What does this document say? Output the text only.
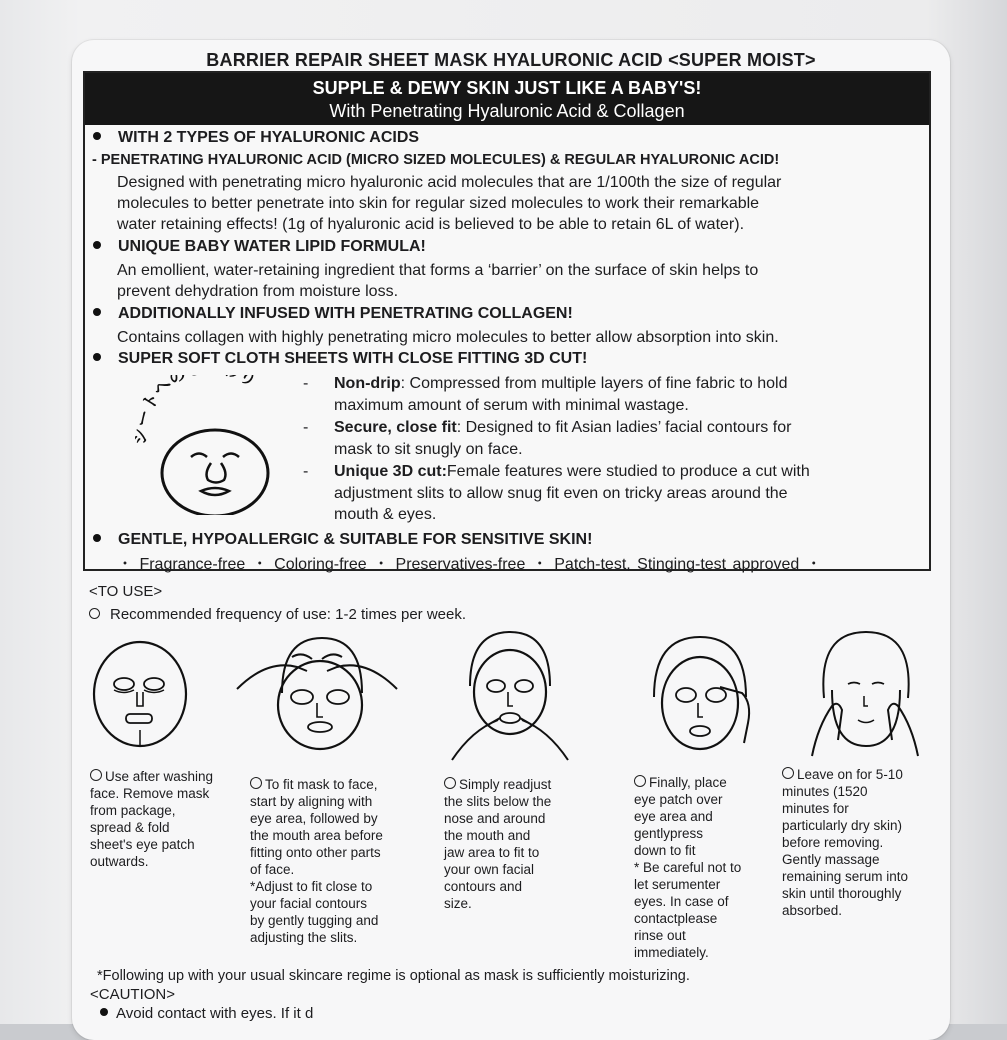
BARRIER REPAIR SHEET MASK HYALURONIC ACID <SUPER MOIST>
SUPPLE & DEWY SKIN JUST LIKE A BABY'S!
With Penetrating Hyaluronic Acid & Collagen
WITH 2 TYPES OF HYALURONIC ACIDS
- PENETRATING HYALURONIC ACID (MICRO SIZED MOLECULES) & REGULAR HYALURONIC ACID!
Designed with penetrating micro hyaluronic acid molecules that are 1/100th the size of regular
molecules to better penetrate into skin for regular sized molecules to work their remarkable
water retaining effects! (1g of hyaluronic acid is believed to be able to retain 6L of water).
UNIQUE BABY WATER LIPID FORMULA!
An emollient, water-retaining ingredient that forms a ‘barrier’ on the surface of skin helps to
prevent dehydration from moisture loss.
ADDITIONALLY INFUSED WITH PENETRATING COLLAGEN!
Contains collagen with highly penetrating micro molecules to better allow absorption into skin.
SUPER SOFT CLOTH SHEETS WITH CLOSE FITTING 3D CUT!
トへの り	- Non-drip: Compressed from multiple layers of fine fabric to hold
maximum amount of serum with minimal wastage.
- Secure, close fit: Designed to fit Asian ladies’ facial contours for
mask to sit snugly on face.
- Unique 3D cut:Female features were studied to produce a cut with
adjustment slits to allow snug fit even on tricky areas around the
mouth & eyes.
GENTLE, HYPOALLERGIC & SUITABLE FOR SENSITIVE SKIN!
・ Fragrance-free ・ Coloring-free ・ Preservatives-free ・ Patch-test, Stinging-test approved ・
<TO USE>
Recommended frequency of use: 1-2 times per week.
Use after washing
face. Remove mask
from package,
spread & fold
sheet's eye patch
outwards.
To fit mask to face,
start by aligning with
eye area, followed by
the mouth area before
fitting onto other parts
of face.
*Adjust to fit close to
your facial contours
by gently tugging and
adjusting the slits.
Simply readjust
the slits below the
nose and around
the mouth and
jaw area to fit to
your own facial
contours and
size.
Finally, place
eye patch over
eye area and
gentlypress
down to fit
* Be careful not to
let serumenter
eyes. In case of
contactplease
rinse out
immediately.
Leave on for 5-10
minutes (1520
minutes for
particularly dry skin)
before removing.
Gently massage
remaining serum into
skin until thoroughly
absorbed.
*Following up with your usual skincare regime is optional as mask is sufficiently moisturizing.
<CAUTION>
Avoid contact with eyes. If it d
